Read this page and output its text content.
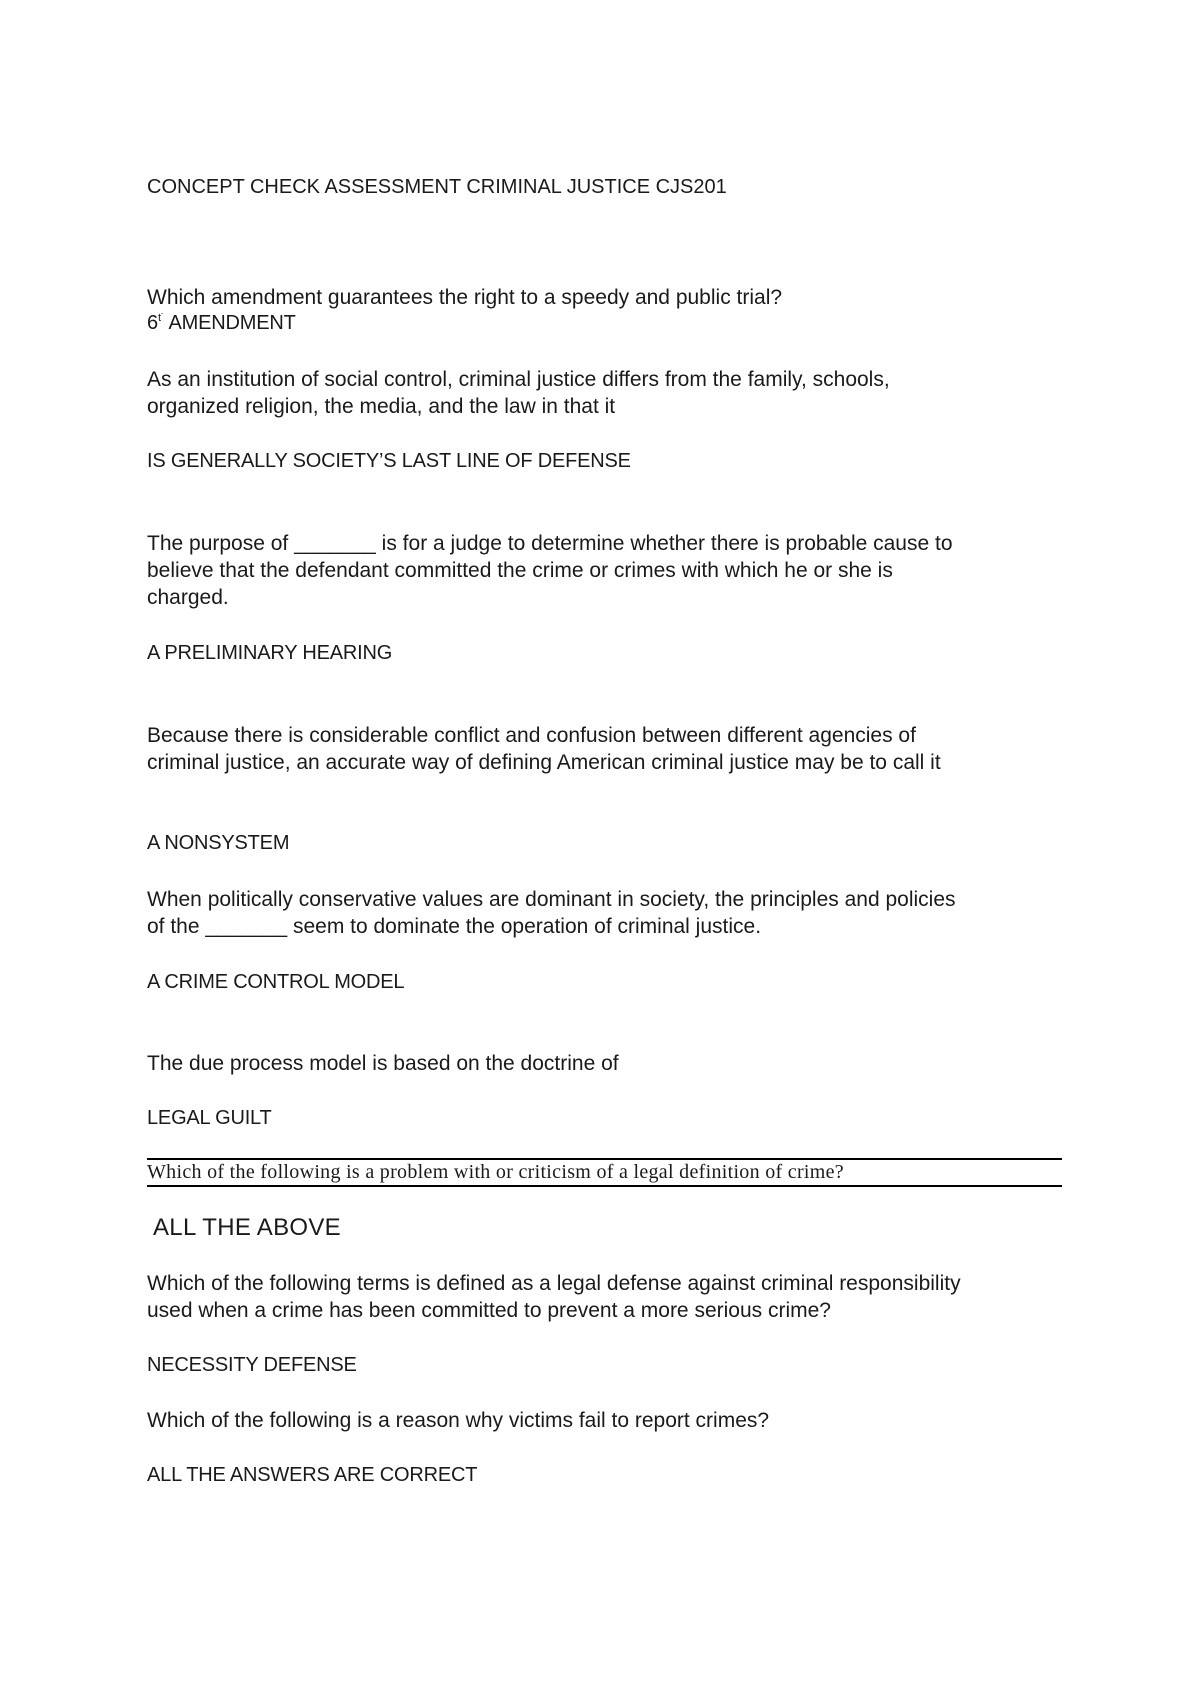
CONCEPT CHECK ASSESSMENT CRIMINAL JUSTICE CJS201

Which amendment guarantees the right to a speedy and public trial?

$6^{t˙}$ AMENDMENT

As an institution of social control, criminal justice differs from the family, schools,

organized religion, the media, and the law in that it

IS GENERALLY SOCIETY’S LAST LINE OF DEFENSE

The purpose of _______ is for a judge to determine whether there is probable cause to

believe that the defendant committed the crime or crimes with which he or she is

charged.

A PRELIMINARY HEARING

Because there is considerable conflict and confusion between different agencies of

criminal justice, an accurate way of defining American criminal justice may be to call it

A NONSYSTEM

When politically conservative values are dominant in society, the principles and policies

of the _______ seem to dominate the operation of criminal justice.

A CRIME CONTROL MODEL

The due process model is based on the doctrine of

LEGAL GUILT

Which of the following is a problem with or criticism of a legal definition of crime?

ALL THE ABOVE

Which of the following terms is defined as a legal defense against criminal responsibility

used when a crime has been committed to prevent a more serious crime?

NECESSITY DEFENSE

Which of the following is a reason why victims fail to report crimes?

ALL THE ANSWERS ARE CORRECT
